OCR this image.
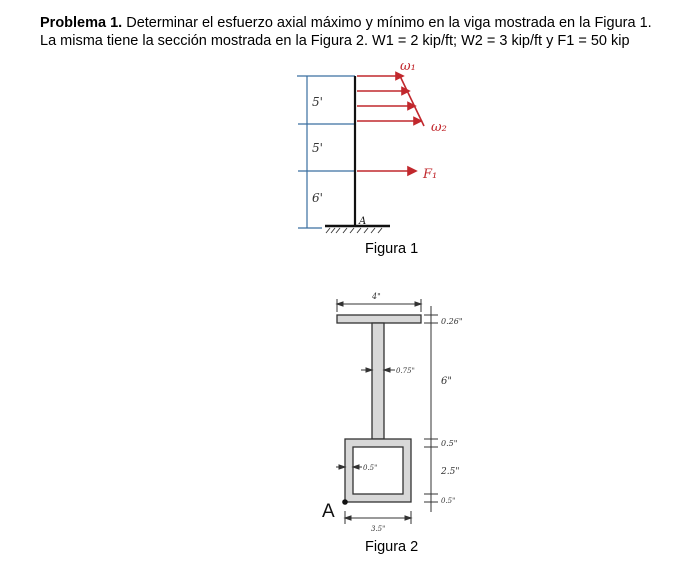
Problema 1. Determinar el esfuerzo axial máximo y mínimo en la viga mostrada en la Figura 1.
La misma tiene la sección mostrada en la Figura 2. W1 = 2 kip/ft; W2 = 3 kip/ft y F1 = 50 kip
5'
5'
6'
ω₁
ω₂
F₁
A
4"
0.26"
6"
0.5"
2.5"
0.5"
0.75"
0.5"
3.5"
A
Figura 1
Figura 2
